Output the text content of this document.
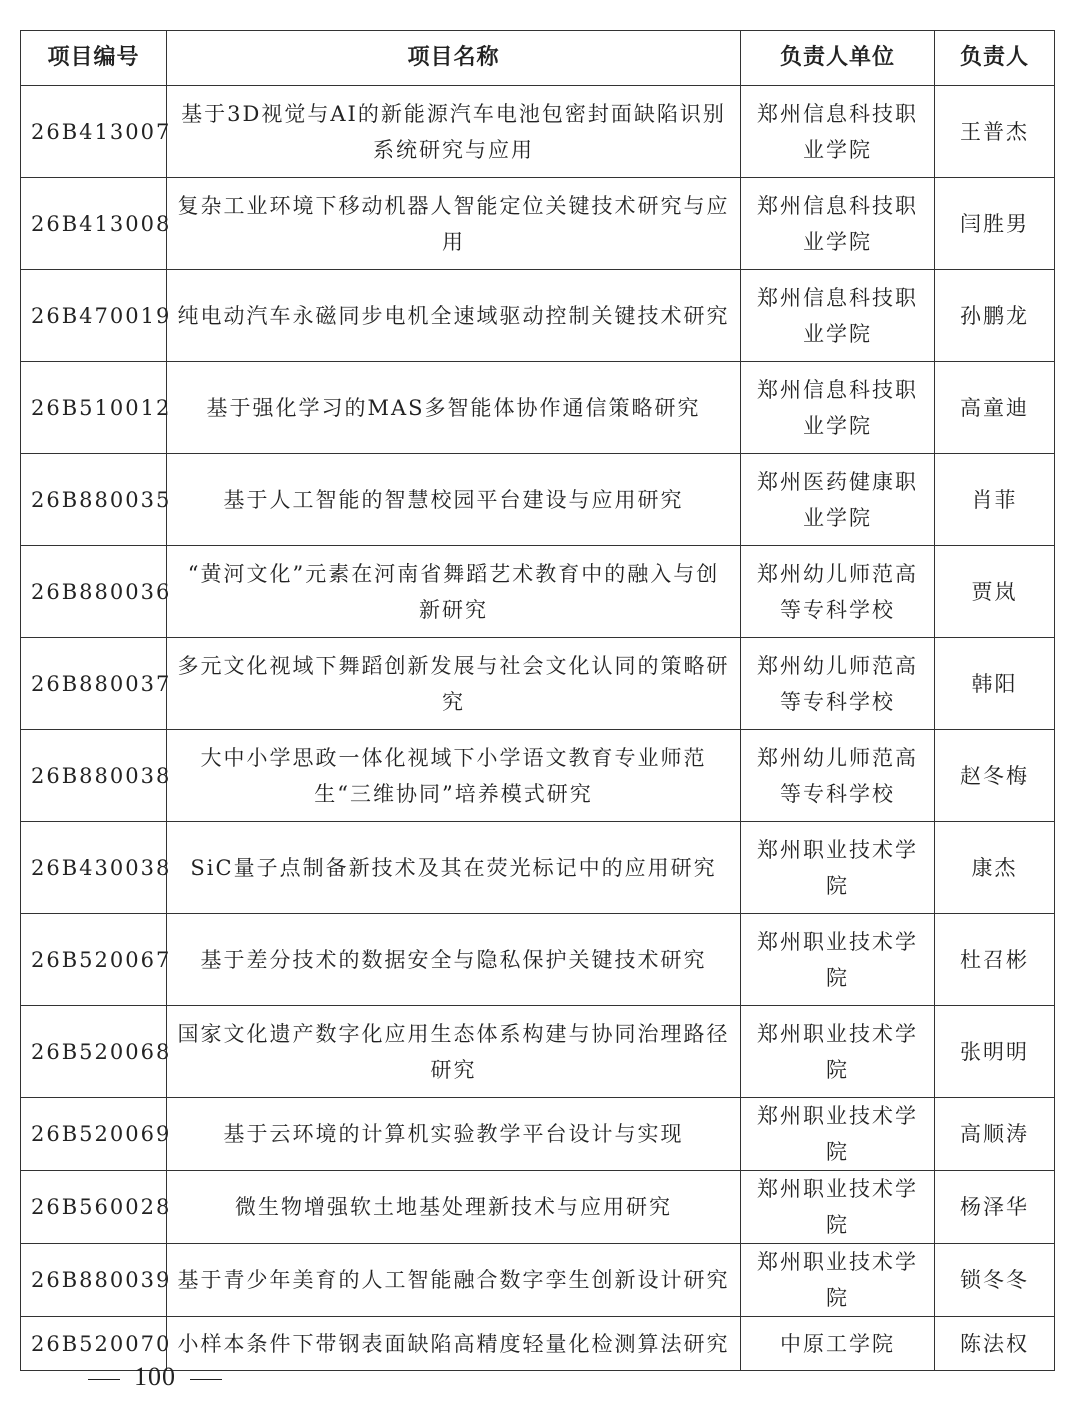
项目编号	项目名称	负责人单位	负责人
26B413007	基于3D视觉与AI的新能源汽车电池包密封面缺陷识别系统研究与应用	郑州信息科技职业学院	王普杰
26B413008	复杂工业环境下移动机器人智能定位关键技术研究与应用	郑州信息科技职业学院	闫胜男
26B470019	纯电动汽车永磁同步电机全速域驱动控制关键技术研究	郑州信息科技职业学院	孙鹏龙
26B510012	基于强化学习的MAS多智能体协作通信策略研究	郑州信息科技职业学院	高童迪
26B880035	基于人工智能的智慧校园平台建设与应用研究	郑州医药健康职业学院	肖菲
26B880036	“黄河文化”元素在河南省舞蹈艺术教育中的融入与创新研究	郑州幼儿师范高等专科学校	贾岚
26B880037	多元文化视域下舞蹈创新发展与社会文化认同的策略研究	郑州幼儿师范高等专科学校	韩阳
26B880038	大中小学思政一体化视域下小学语文教育专业师范生“三维协同”培养模式研究	郑州幼儿师范高等专科学校	赵冬梅
26B430038	SiC量子点制备新技术及其在荧光标记中的应用研究	郑州职业技术学院	康杰
26B520067	基于差分技术的数据安全与隐私保护关键技术研究	郑州职业技术学院	杜召彬
26B520068	国家文化遗产数字化应用生态体系构建与协同治理路径研究	郑州职业技术学院	张明明
26B520069	基于云环境的计算机实验教学平台设计与实现	郑州职业技术学院	高顺涛
26B560028	微生物增强软土地基处理新技术与应用研究	郑州职业技术学院	杨泽华
26B880039	基于青少年美育的人工智能融合数字孪生创新设计研究	郑州职业技术学院	锁冬冬
26B520070	小样本条件下带钢表面缺陷高精度轻量化检测算法研究	中原工学院	陈法权
100
